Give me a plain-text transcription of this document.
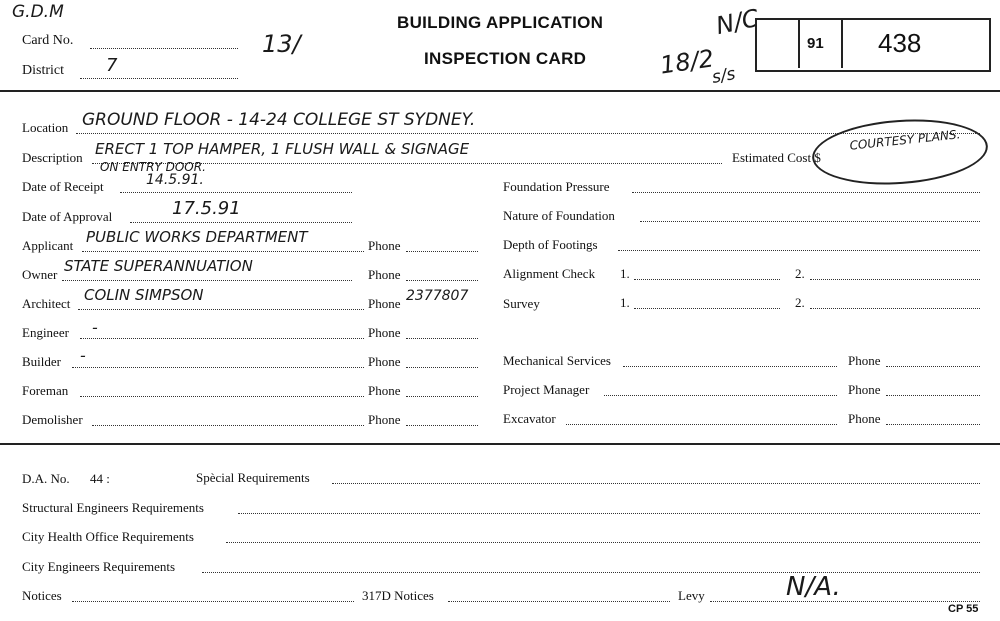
G.D.M
Card No.	13/
District 7
BUILDING APPLICATION
INSPECTION CARD
N/C
18/2
s/s
91 438
Location GROUND FLOOR - 14-24 COLLEGE ST SYDNEY.
Description ERECT 1 TOP HAMPER, 1 FLUSH WALL & SIGNAGE
ON ENTRY DOOR.
Estimated Cost $
COURTESY PLANS.
Date of Receipt	14.5.91.	Foundation Pressure
Date of Approval	17.5.91	Nature of Foundation
Applicant PUBLIC WORKS DEPARTMENT	Phone	Depth of Footings
Owner STATE SUPERANNUATION	Phone	Alignment Check 1.	2.
Architect COLIN SIMPSON	Phone 2377807	Survey	1.	2.
Engineer -	Phone
Builder -	Phone	Mechanical Services	Phone
Foreman	Phone	Project Manager	Phone
Demolisher	Phone	Excavator	Phone
D.A. No. 44 :	Spècial Requirements
Structural Engineers Requirements
City Health Office Requirements
City Engineers Requirements
Notices	317D Notices	Levy	N/A.
CP 55
